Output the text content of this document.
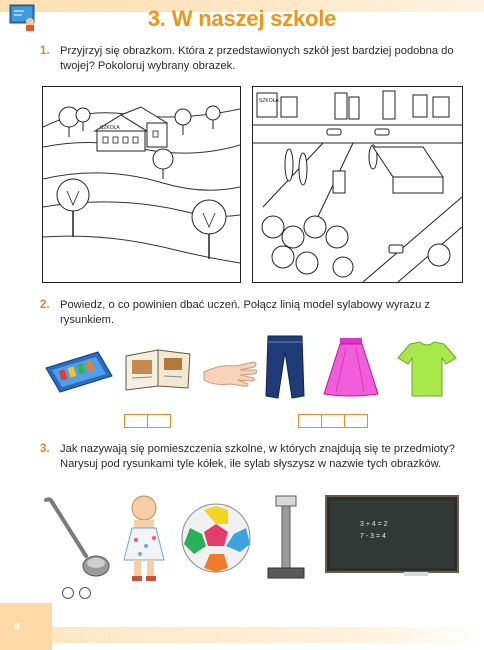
3. W naszej szkole
1. Przyjrzyj się obrazkom. Która z przedstawionych szkół jest bardziej podobna do twojej? Pokoloruj wybrany obrazek.
SZKOŁA
SZKOŁA
2. Powiedz, o co powinien dbać uczeń. Połącz linią model sylabowy wyrazu z rysunkiem.
3. Jak nazywają się pomieszczenia szkolne, w których znajdują się te przedmioty? Narysuj pod rysunkami tyle kółek, ile sylab słyszysz w nazwie tych obrazków.
3 + 4 = 2
7 - 3 = 4

8
